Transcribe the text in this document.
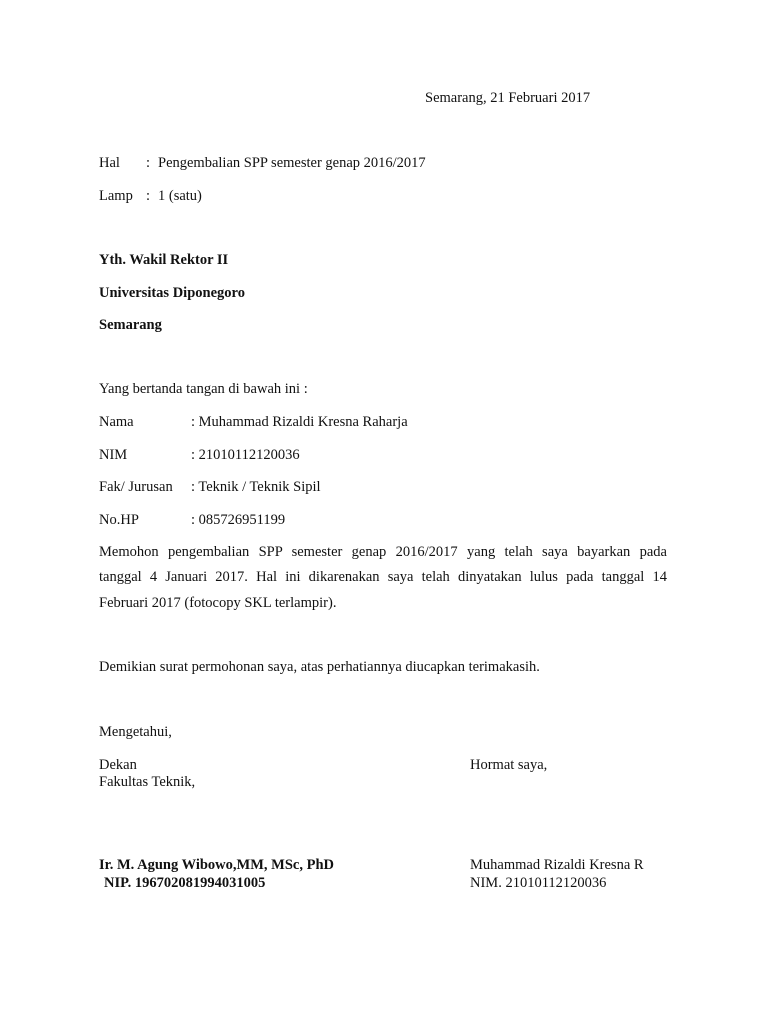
Semarang, 21 Februari 2017
Hal : Pengembalian SPP semester genap 2016/2017
Lamp : 1 (satu)
Yth. Wakil Rektor II
Universitas Diponegoro
Semarang
Yang bertanda tangan di bawah ini :
Nama	: Muhammad Rizaldi Kresna Raharja
NIM	: 21010112120036
Fak/ Jurusan : Teknik / Teknik Sipil
No.HP	: 085726951199
Memohon pengembalian SPP semester genap 2016/2017 yang telah saya bayarkan pada
tanggal 4 Januari 2017. Hal ini dikarenakan saya telah dinyatakan lulus pada tanggal 14
Februari 2017 (fotocopy SKL terlampir).
Demikian surat permohonan saya, atas perhatiannya diucapkan terimakasih.
Mengetahui,
Dekan
Fakultas Teknik,
Ir. M. Agung Wibowo,MM, MSc, PhD
NIP. 196702081994031005
Hormat saya,
Muhammad Rizaldi Kresna R
NIM. 21010112120036
